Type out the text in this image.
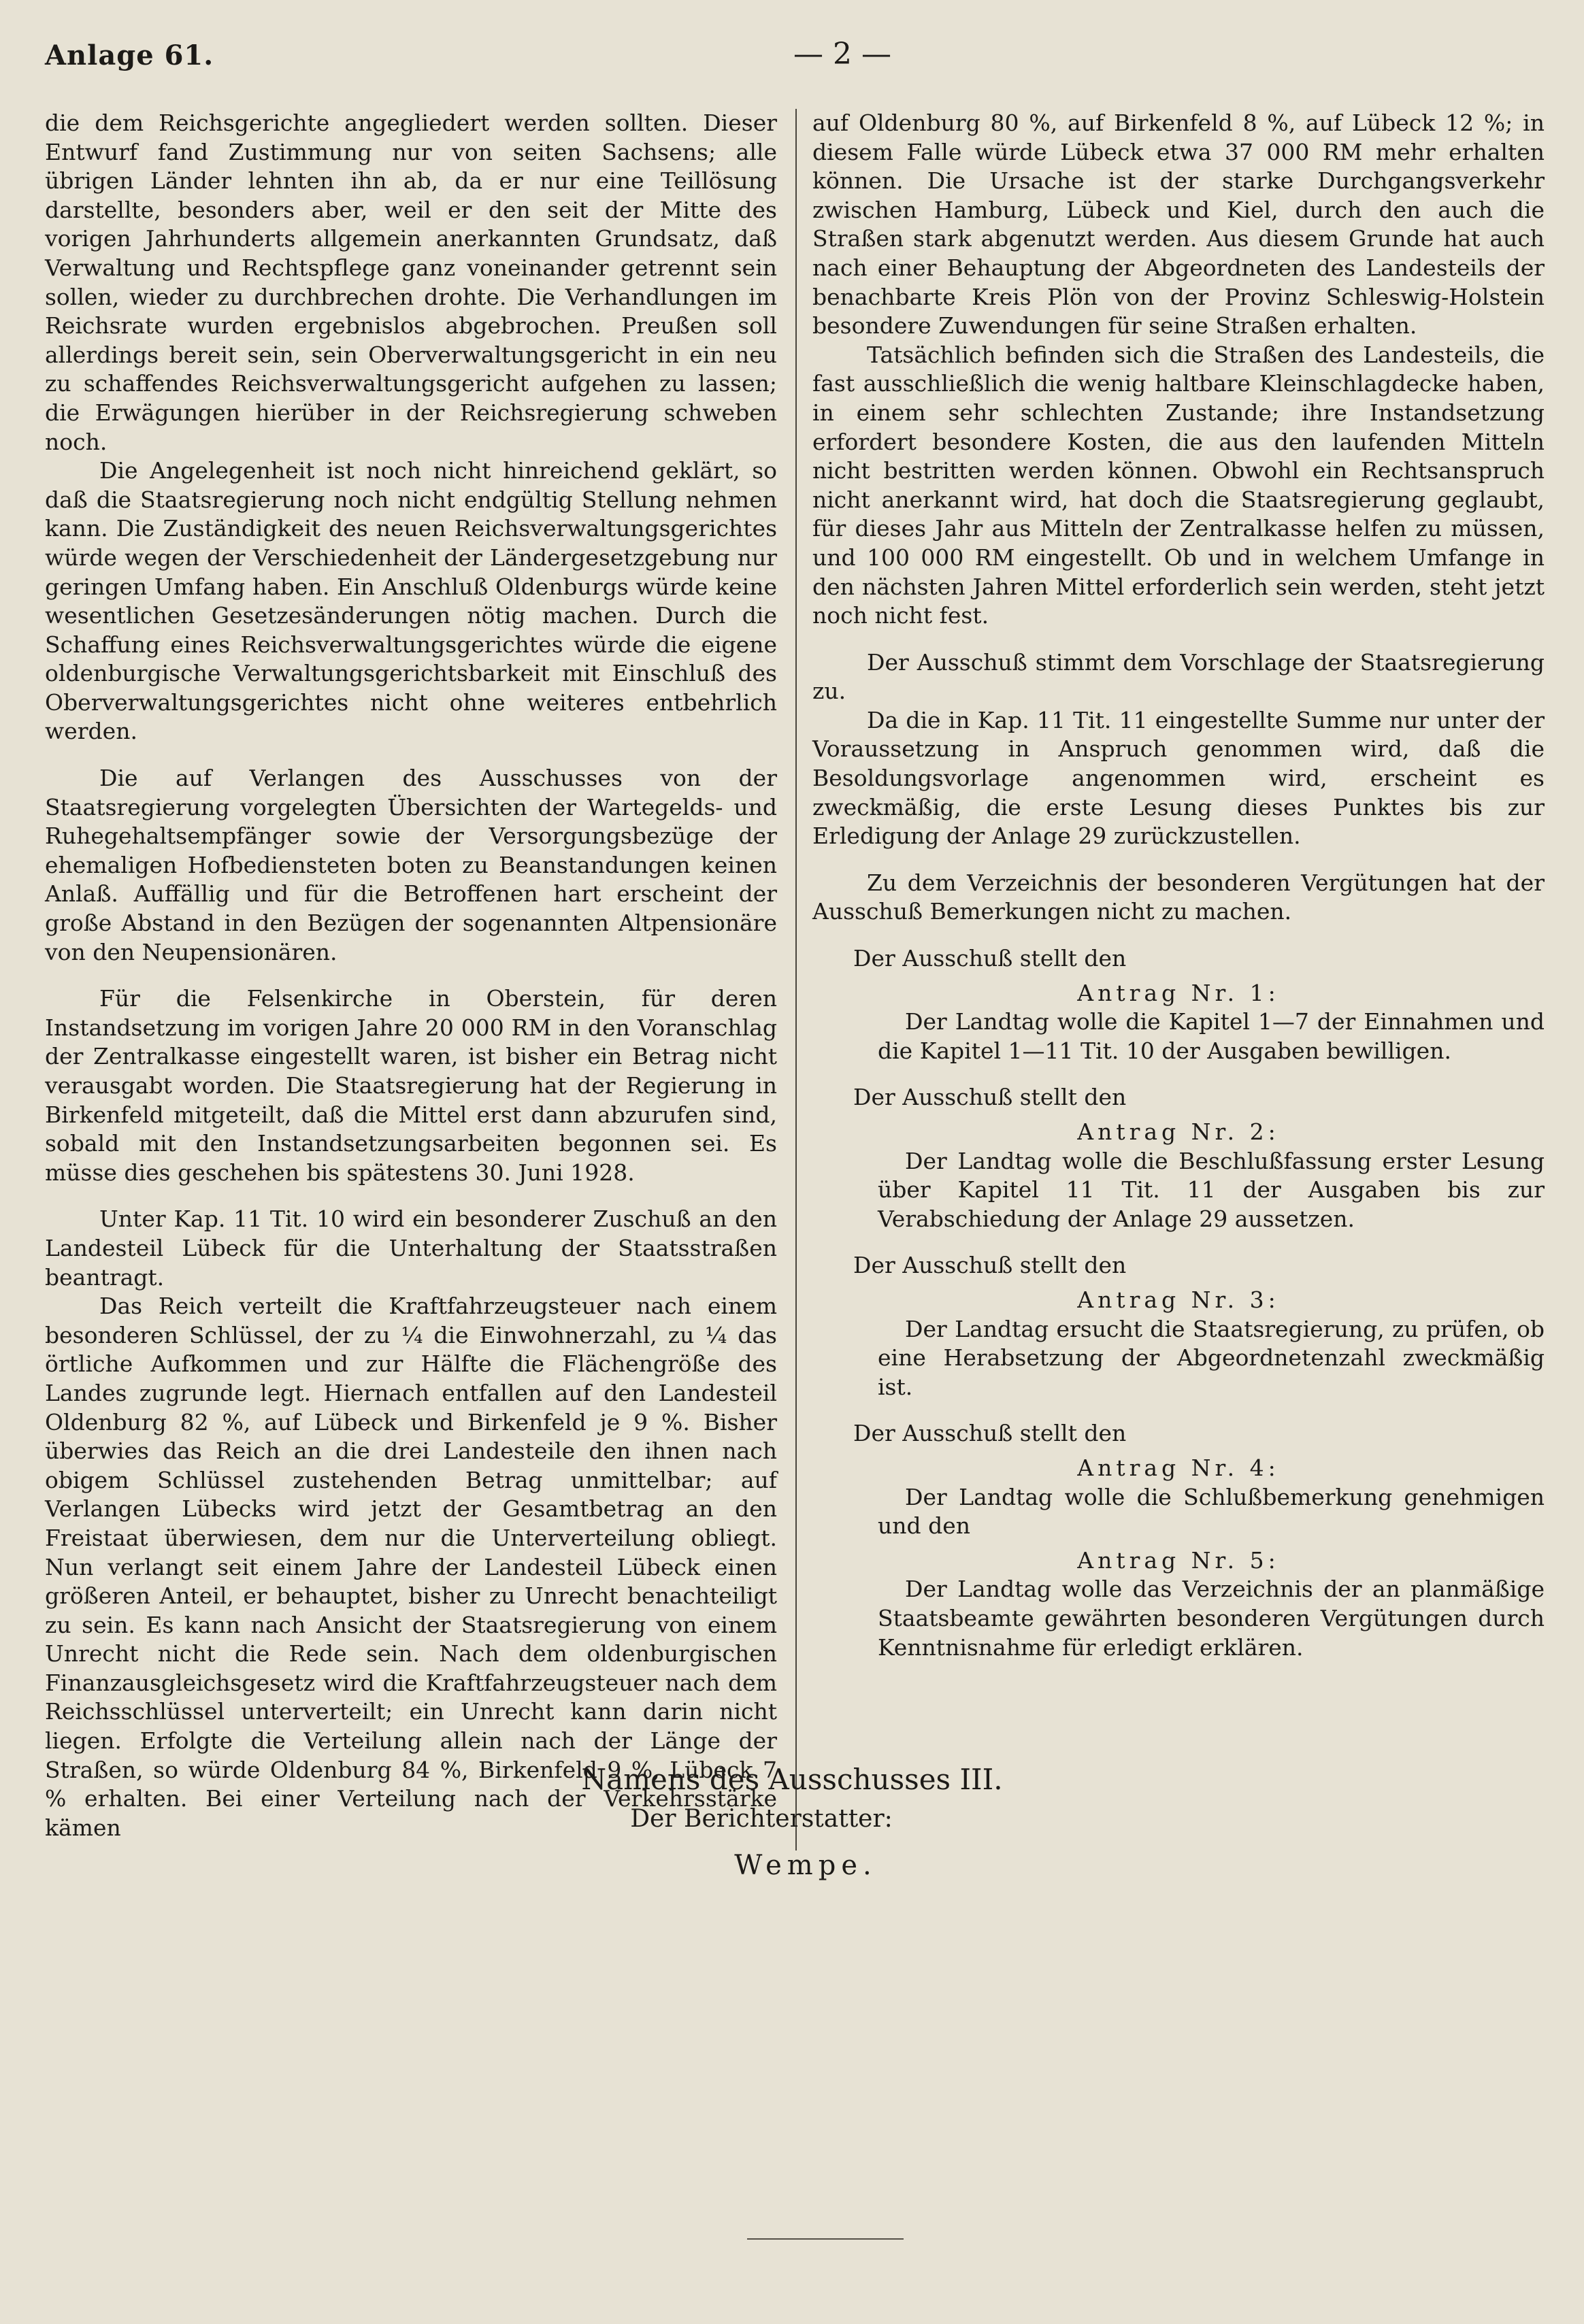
Anlage 61.	— 2 —

die dem Reichsgerichte angegliedert werden sollten. Dieser Entwurf fand Zustimmung nur von seiten Sachsens; alle übrigen Länder lehnten ihn ab, da er nur eine Teillösung darstellte, besonders aber, weil er den seit der Mitte des vorigen Jahrhunderts allgemein anerkannten Grundsatz, daß Verwaltung und Rechtspflege ganz voneinander getrennt sein sollen, wieder zu durchbrechen drohte. Die Verhandlungen im Reichsrate wurden ergebnislos abgebrochen. Preußen soll allerdings bereit sein, sein Oberverwaltungsgericht in ein neu zu schaffendes Reichsverwaltungsgericht aufgehen zu lassen; die Erwägungen hierüber in der Reichsregierung schweben noch.

Die Angelegenheit ist noch nicht hinreichend geklärt, so daß die Staatsregierung noch nicht endgültig Stellung nehmen kann. Die Zuständigkeit des neuen Reichsverwaltungsgerichtes würde wegen der Verschiedenheit der Ländergesetzgebung nur geringen Umfang haben. Ein Anschluß Oldenburgs würde keine wesentlichen Gesetzesänderungen nötig machen. Durch die Schaffung eines Reichsverwaltungsgerichtes würde die eigene oldenburgische Verwaltungsgerichtsbarkeit mit Einschluß des Oberverwaltungsgerichtes nicht ohne weiteres entbehrlich werden.

Die auf Verlangen des Ausschusses von der Staatsregierung vorgelegten Übersichten der Wartegelds- und Ruhegehaltsempfänger sowie der Versorgungsbezüge der ehemaligen Hofbediensteten boten zu Beanstandungen keinen Anlaß. Auffällig und für die Betroffenen hart erscheint der große Abstand in den Bezügen der sogenannten Altpensionäre von den Neupensionären.

Für die Felsenkirche in Oberstein, für deren Instandsetzung im vorigen Jahre 20 000 RM in den Voranschlag der Zentralkasse eingestellt waren, ist bisher ein Betrag nicht verausgabt worden. Die Staatsregierung hat der Regierung in Birkenfeld mitgeteilt, daß die Mittel erst dann abzurufen sind, sobald mit den Instandsetzungsarbeiten begonnen sei. Es müsse dies geschehen bis spätestens 30. Juni 1928.

Unter Kap. 11 Tit. 10 wird ein besonderer Zuschuß an den Landesteil Lübeck für die Unterhaltung der Staatsstraßen beantragt.

Das Reich verteilt die Kraftfahrzeugsteuer nach einem besonderen Schlüssel, der zu ¼ die Einwohnerzahl, zu ¼ das örtliche Aufkommen und zur Hälfte die Flächengröße des Landes zugrunde legt. Hiernach entfallen auf den Landesteil Oldenburg 82 %, auf Lübeck und Birkenfeld je 9 %. Bisher überwies das Reich an die drei Landesteile den ihnen nach obigem Schlüssel zustehenden Betrag unmittelbar; auf Verlangen Lübecks wird jetzt der Gesamtbetrag an den Freistaat überwiesen, dem nur die Unterverteilung obliegt. Nun verlangt seit einem Jahre der Landesteil Lübeck einen größeren Anteil, er behauptet, bisher zu Unrecht benachteiligt zu sein. Es kann nach Ansicht der Staatsregierung von einem Unrecht nicht die Rede sein. Nach dem oldenburgischen Finanzausgleichsgesetz wird die Kraftfahrzeugsteuer nach dem Reichsschlüssel unterverteilt; ein Unrecht kann darin nicht liegen. Erfolgte die Verteilung allein nach der Länge der Straßen, so würde Oldenburg 84 %, Birkenfeld 9 %, Lübeck 7 % erhalten. Bei einer Verteilung nach der Verkehrsstärke kämen

auf Oldenburg 80 %, auf Birkenfeld 8 %, auf Lübeck 12 %; in diesem Falle würde Lübeck etwa 37 000 RM mehr erhalten können. Die Ursache ist der starke Durchgangsverkehr zwischen Hamburg, Lübeck und Kiel, durch den auch die Straßen stark abgenutzt werden. Aus diesem Grunde hat auch nach einer Behauptung der Abgeordneten des Landesteils der benachbarte Kreis Plön von der Provinz Schleswig-Holstein besondere Zuwendungen für seine Straßen erhalten.

Tatsächlich befinden sich die Straßen des Landesteils, die fast ausschließlich die wenig haltbare Kleinschlagdecke haben, in einem sehr schlechten Zustande; ihre Instandsetzung erfordert besondere Kosten, die aus den laufenden Mitteln nicht bestritten werden können. Obwohl ein Rechtsanspruch nicht anerkannt wird, hat doch die Staatsregierung geglaubt, für dieses Jahr aus Mitteln der Zentralkasse helfen zu müssen, und 100 000 RM eingestellt. Ob und in welchem Umfange in den nächsten Jahren Mittel erforderlich sein werden, steht jetzt noch nicht fest.

Der Ausschuß stimmt dem Vorschlage der Staatsregierung zu.

Da die in Kap. 11 Tit. 11 eingestellte Summe nur unter der Voraussetzung in Anspruch genommen wird, daß die Besoldungsvorlage angenommen wird, erscheint es zweckmäßig, die erste Lesung dieses Punktes bis zur Erledigung der Anlage 29 zurückzustellen.

Zu dem Verzeichnis der besonderen Vergütungen hat der Ausschuß Bemerkungen nicht zu machen.

Der Ausschuß stellt den

Antrag Nr. 1:

Der Landtag wolle die Kapitel 1—7 der Einnahmen und die Kapitel 1—11 Tit. 10 der Ausgaben bewilligen.

Der Ausschuß stellt den

Antrag Nr. 2:

Der Landtag wolle die Beschlußfassung erster Lesung über Kapitel 11 Tit. 11 der Ausgaben bis zur Verabschiedung der Anlage 29 aussetzen.

Der Ausschuß stellt den

Antrag Nr. 3:

Der Landtag ersucht die Staatsregierung, zu prüfen, ob eine Herabsetzung der Abgeordnetenzahl zweckmäßig ist.

Der Ausschuß stellt den

Antrag Nr. 4:

Der Landtag wolle die Schlußbemerkung genehmigen und den

Antrag Nr. 5:

Der Landtag wolle das Verzeichnis der an planmäßige Staatsbeamte gewährten besonderen Vergütungen durch Kenntnisnahme für erledigt erklären.

Namens des Ausschusses III.
Der Berichterstatter:
Wempe.
